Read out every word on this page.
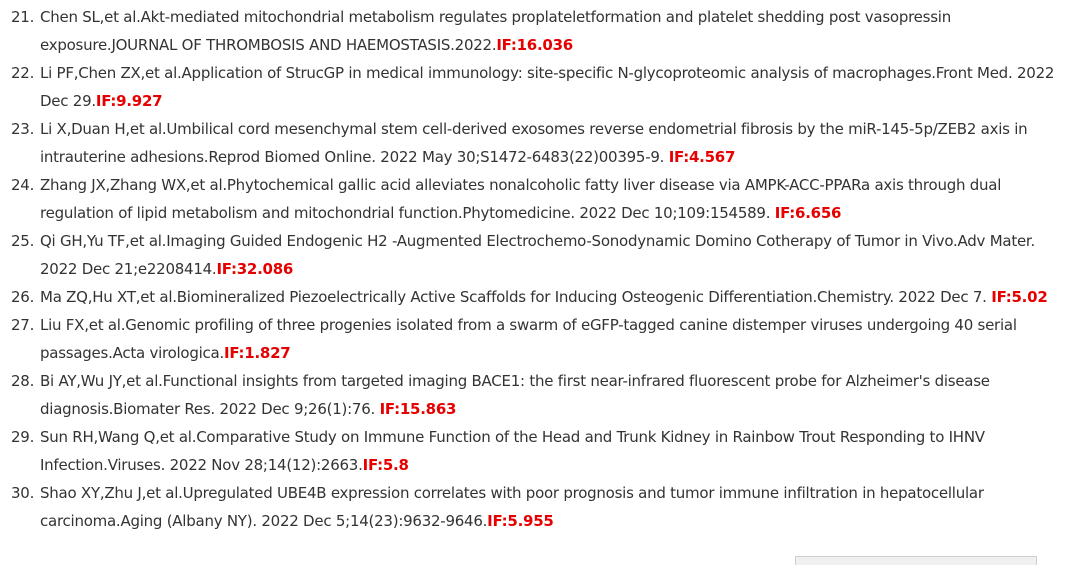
21. Chen SL,et al.Akt-mediated mitochondrial metabolism regulates proplateletformation and platelet shedding post vasopressin exposure.JOURNAL OF THROMBOSIS AND HAEMOSTASIS.2022.IF:16.036
22. Li PF,Chen ZX,et al.Application of StrucGP in medical immunology: site-specific N-glycoproteomic analysis of macrophages.Front Med. 2022 Dec 29.IF:9.927
23. Li X,Duan H,et al.Umbilical cord mesenchymal stem cell-derived exosomes reverse endometrial fibrosis by the miR-145-5p/ZEB2 axis in intrauterine adhesions.Reprod Biomed Online. 2022 May 30;S1472-6483(22)00395-9. IF:4.567
24. Zhang JX,Zhang WX,et al.Phytochemical gallic acid alleviates nonalcoholic fatty liver disease via AMPK-ACC-PPARa axis through dual regulation of lipid metabolism and mitochondrial function.Phytomedicine. 2022 Dec 10;109:154589. IF:6.656
25. Qi GH,Yu TF,et al.Imaging Guided Endogenic H2 -Augmented Electrochemo-Sonodynamic Domino Cotherapy of Tumor in Vivo.Adv Mater. 2022 Dec 21;e2208414.IF:32.086
26. Ma ZQ,Hu XT,et al.Biomineralized Piezoelectrically Active Scaffolds for Inducing Osteogenic Differentiation.Chemistry. 2022 Dec 7. IF:5.02
27. Liu FX,et al.Genomic profiling of three progenies isolated from a swarm of eGFP-tagged canine distemper viruses undergoing 40 serial passages.Acta virologica.IF:1.827
28. Bi AY,Wu JY,et al.Functional insights from targeted imaging BACE1: the first near-infrared fluorescent probe for Alzheimer's disease diagnosis.Biomater Res. 2022 Dec 9;26(1):76. IF:15.863
29. Sun RH,Wang Q,et al.Comparative Study on Immune Function of the Head and Trunk Kidney in Rainbow Trout Responding to IHNV Infection.Viruses. 2022 Nov 28;14(12):2663.IF:5.8
30. Shao XY,Zhu J,et al.Upregulated UBE4B expression correlates with poor prognosis and tumor immune infiltration in hepatocellular carcinoma.Aging (Albany NY). 2022 Dec 5;14(23):9632-9646.IF:5.955
